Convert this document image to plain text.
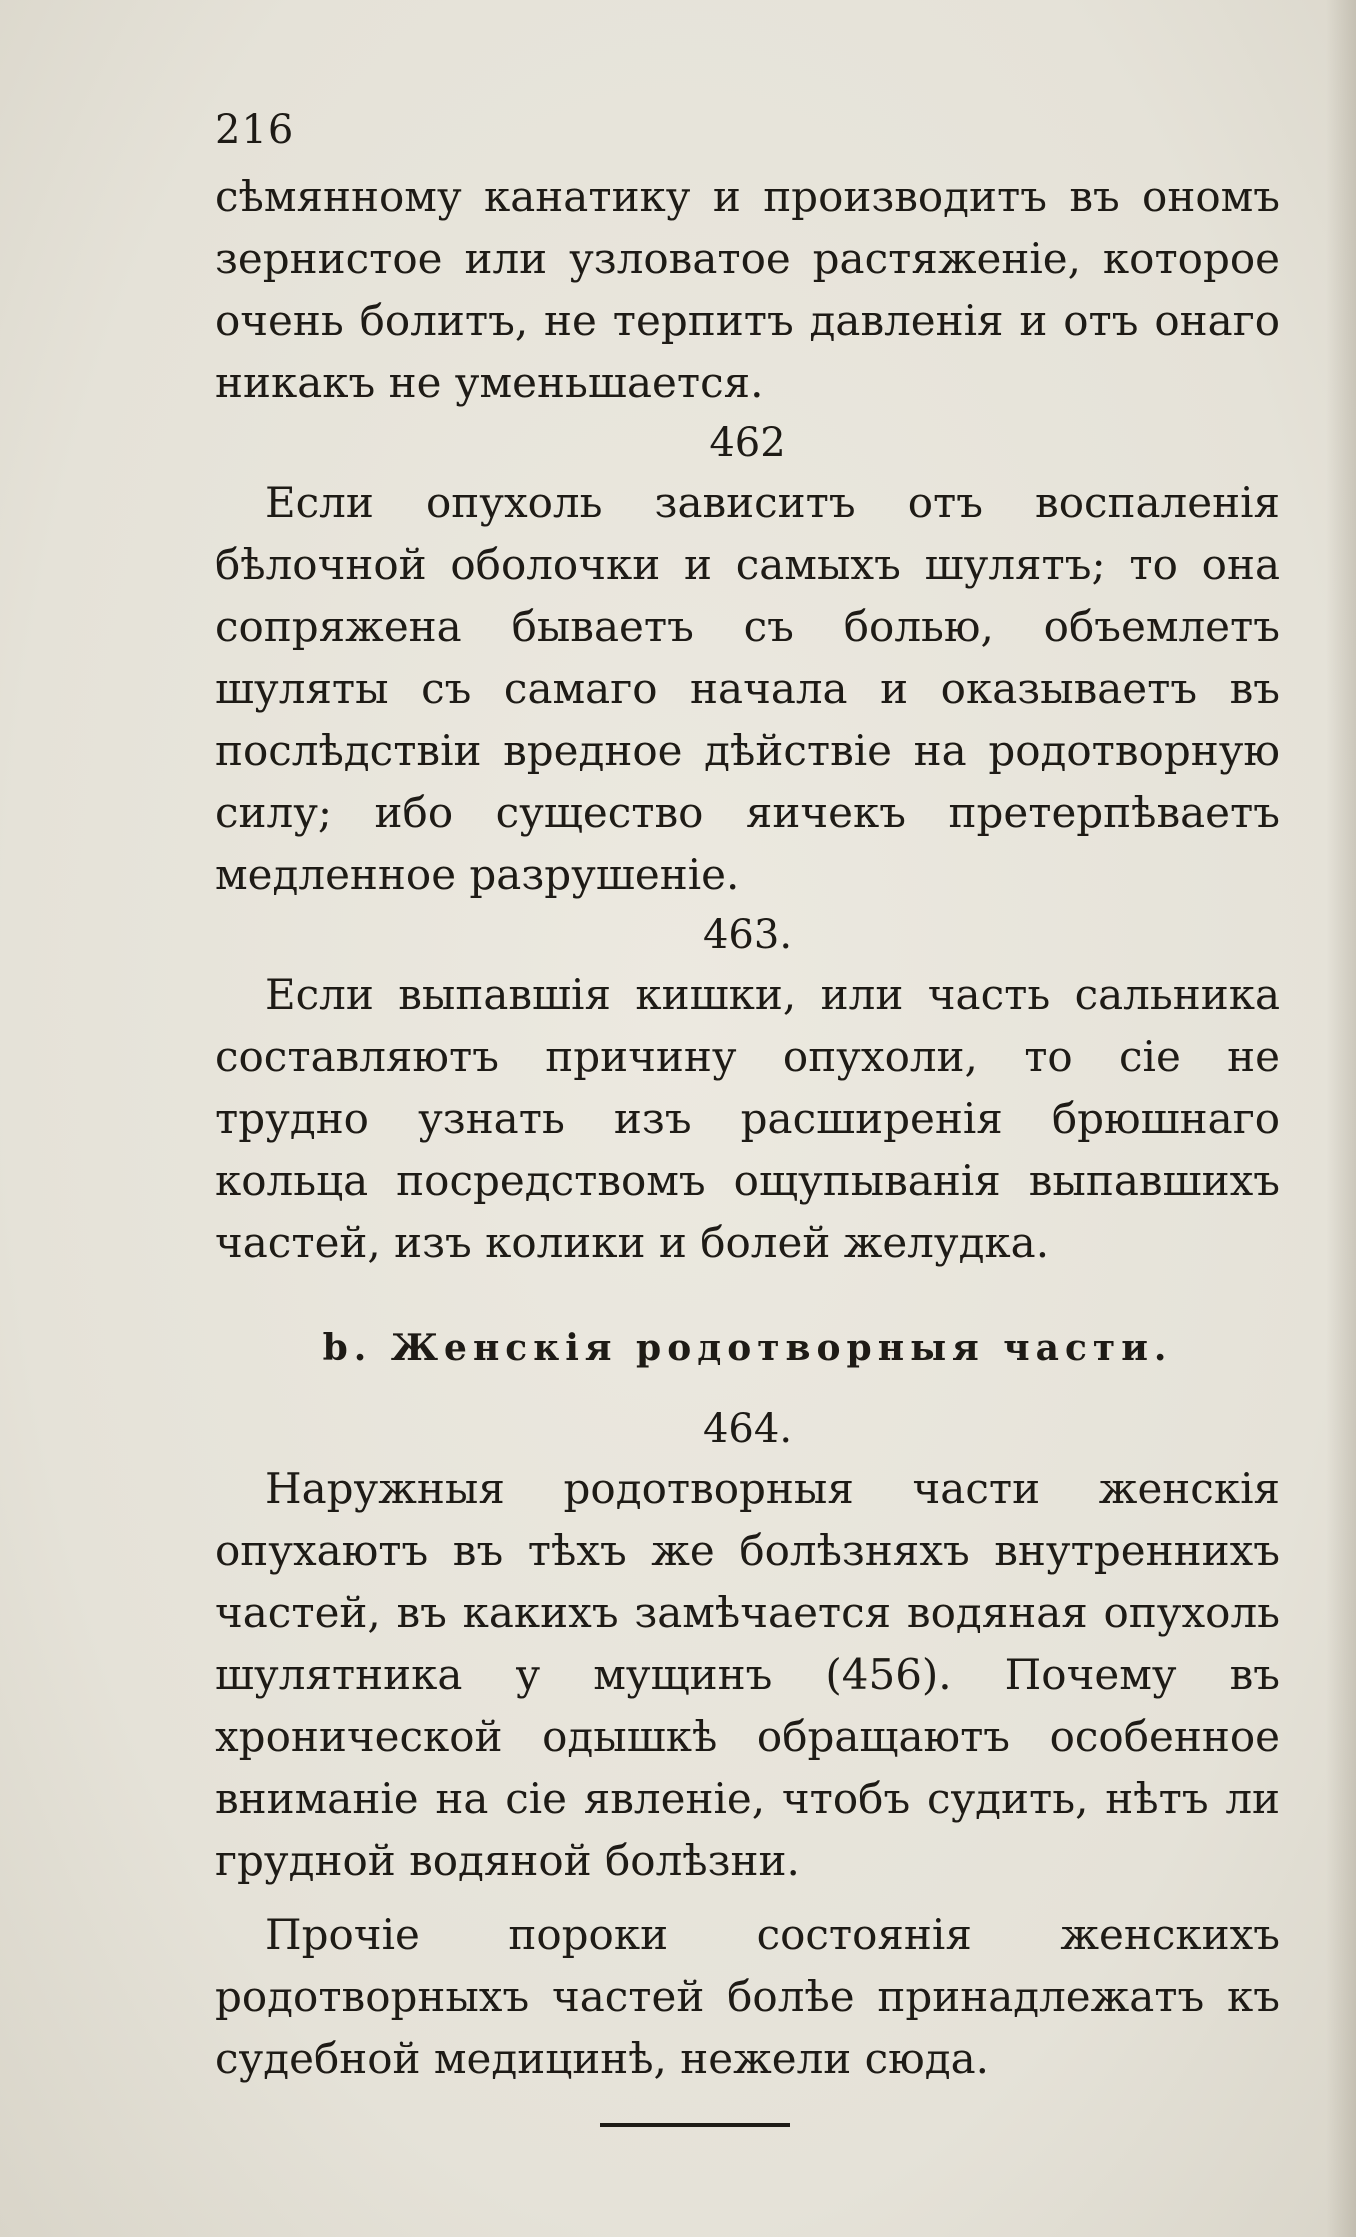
216

сѣмянному канатику и производитъ въ ономъ зернистое или узловатое растяженіе, которое очень болитъ, не терпитъ давленія и отъ онаго никакъ не уменьшается.

462

Если опухоль зависитъ отъ воспаленія бѣлочной оболочки и самыхъ шулятъ; то она сопряжена бываетъ съ болью, объемлетъ шуляты съ самаго начала и оказываетъ въ послѣдствіи вредное дѣйствіе на родотворную силу; ибо существо яичекъ претерпѣваетъ медленное разрушеніе.

463.

Если выпавшія кишки, или часть сальника составляютъ причину опухоли, то сіе не трудно узнать изъ расширенія брюшнаго кольца посредствомъ ощупыванія выпавшихъ частей, изъ колики и болей желудка.

b. Женскія родотворныя части.

464.

Наружныя родотворныя части женскія опухаютъ въ тѣхъ же болѣзняхъ внутреннихъ частей, въ какихъ замѣчается водяная опухоль шулятника у мущинъ (456). Почему въ хронической одышкѣ обращаютъ особенное вниманіе на сіе явленіе, чтобъ судить, нѣтъ ли грудной водяной болѣзни.

Прочіе пороки состоянія женскихъ родотворныхъ частей болѣе принадлежатъ къ судебной медицинѣ, нежели сюда.
